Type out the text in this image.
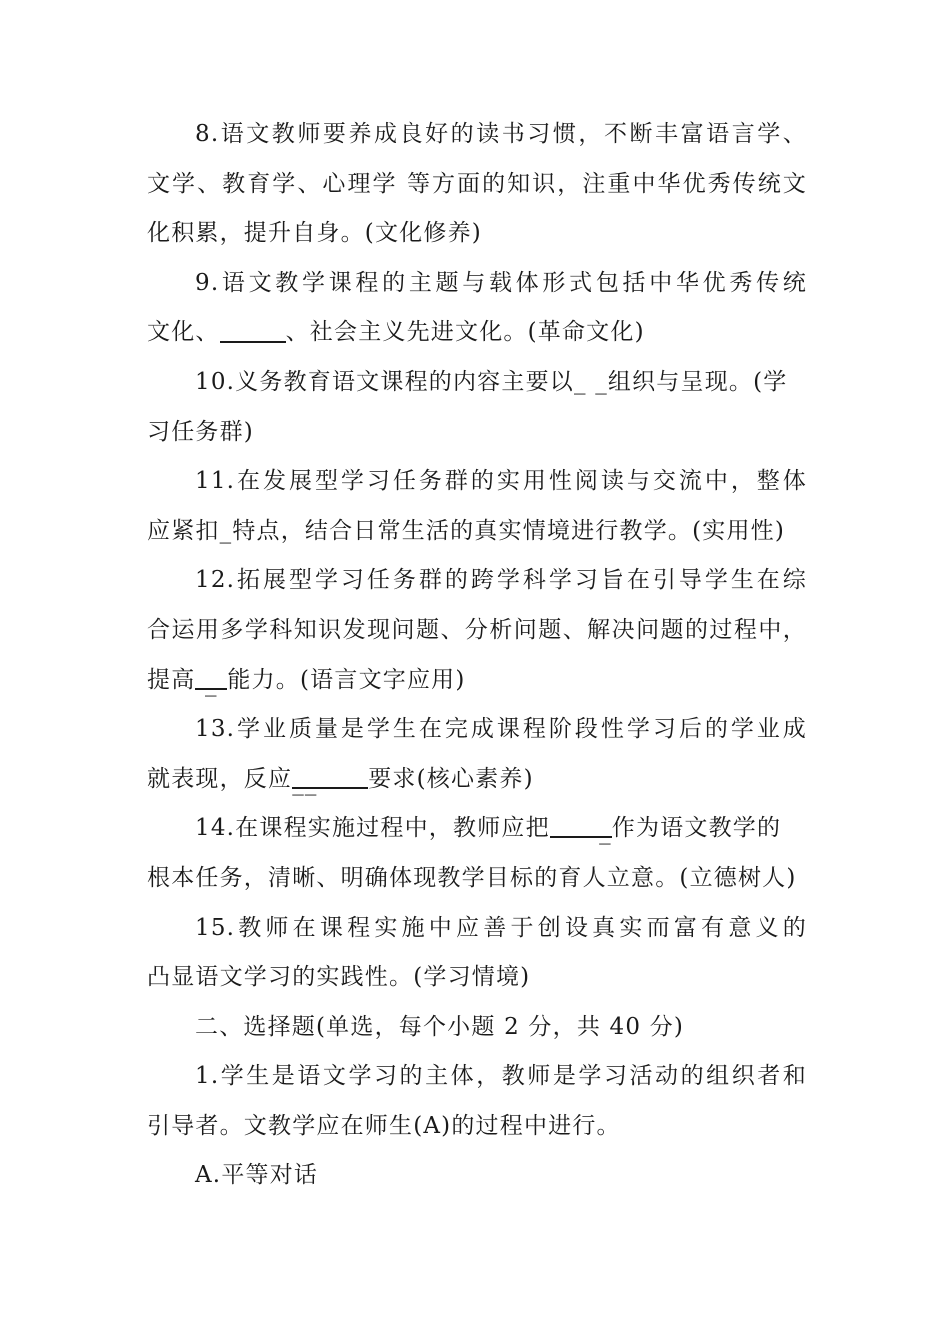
8.语文教师要养成良好的读书习惯，不断丰富语言学、
文学、教育学、心理学 等方面的知识，注重中华优秀传统文
化积累，提升自身。(文化修养)
9.语文教学课程的主题与载体形式包括中华优秀传统
文化、	、社会主义先进文化。(革命文化)
10.义务教育语文课程的内容主要以_ _组织与呈现。(学
习任务群)
11.在发展型学习任务群的实用性阅读与交流中，整体
应紧扣_特点，结合日常生活的真实情境进行教学。(实用性)
12.拓展型学习任务群的跨学科学习旨在引导学生在综
合运用多学科知识发现问题、分析问题、解决问题的过程中，
提高 _ 能力。(语言文字应用)
13.学业质量是学生在完成课程阶段性学习后的学业成
就表现，反应__ 要求(核心素养)
14.在课程实施过程中，教师应把 _作为语文教学的
根本任务，清晰、明确体现教学目标的育人立意。(立德树人)
15.教师在课程实施中应善于创设真实而富有意义的
凸显语文学习的实践性。(学习情境)
二、选择题(单选，每个小题 2 分，共 40 分)
1.学生是语文学习的主体，教师是学习活动的组织者和
引导者。文教学应在师生(A)的过程中进行。
A.平等对话
